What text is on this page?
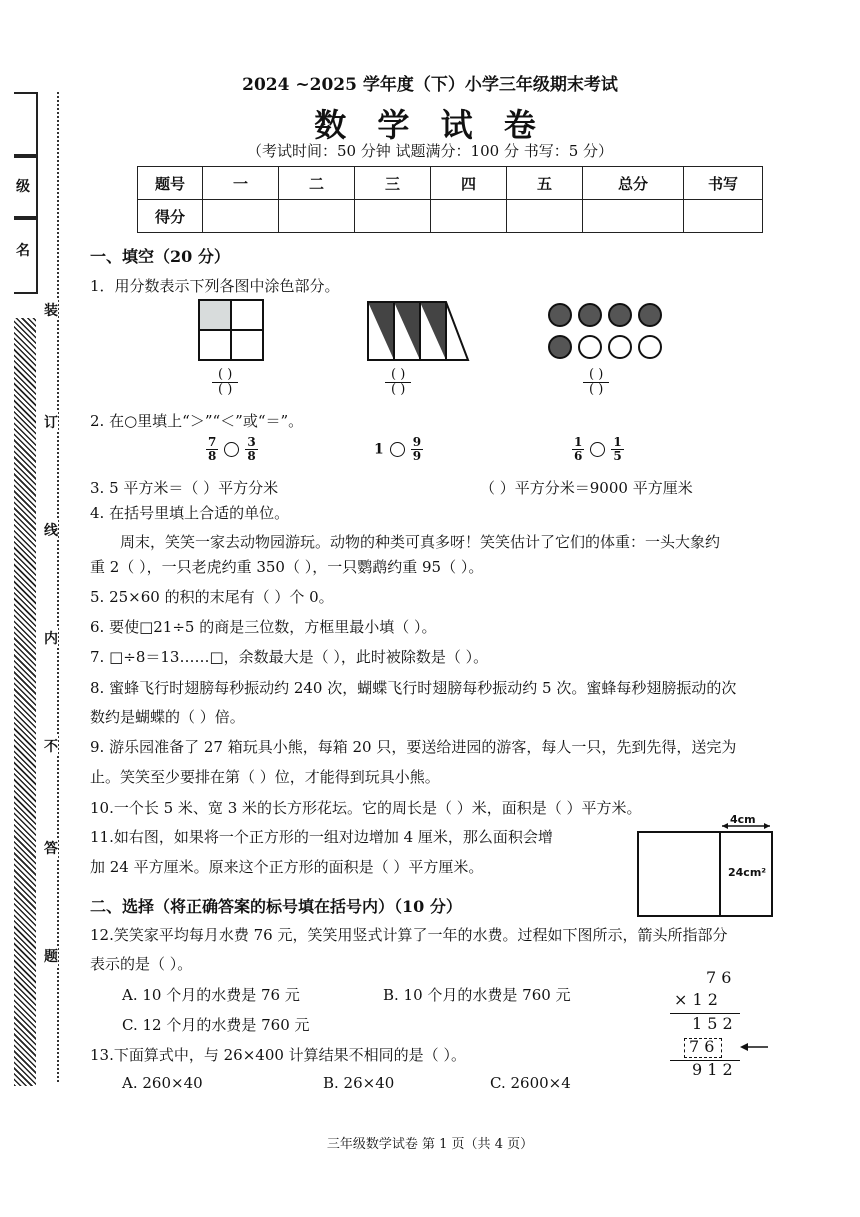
级
名
装
订
线
内
不
答
题
2024 ~2025 学年度（下）小学三年级期末考试
数 学 试 卷
（考试时间：50 分钟 试题满分：100 分 书写：5 分）
题号	一	二	三	四	五	总分	书写
得分							
一、填空（20 分）
1．用分数表示下列各图中涂色部分。
( )
( )
( )
( )
( )
( )
2. 在○里填上“＞”“＜”或“＝”。
$\frac{7}{8} \frac{3}{8}$	$1 \frac{9}{9}$	$\frac{1}{6} \frac{1}{5}$
3. 5 平方米＝（ ）平方分米	（ ）平方分米＝9000 平方厘米
4. 在括号里填上合适的单位。
周末，笑笑一家去动物园游玩。动物的种类可真多呀！笑笑估计了它们的体重：一头大象约
重 2（ ），一只老虎约重 350（ ），一只鹦鹉约重 95（ ）。
5. 25×60 的积的末尾有（ ）个 0。
6. 要使□21÷5 的商是三位数，方框里最小填（ ）。
7. □÷8＝13……□，余数最大是（ ），此时被除数是（ ）。
8. 蜜蜂飞行时翅膀每秒振动约 240 次，蝴蝶飞行时翅膀每秒振动约 5 次。蜜蜂每秒翅膀振动的次
数约是蝴蝶的（ ）倍。
9. 游乐园准备了 27 箱玩具小熊，每箱 20 只，要送给进园的游客，每人一只，先到先得，送完为
止。笑笑至少要排在第（ ）位，才能得到玩具小熊。
10.一个长 5 米、宽 3 米的长方形花坛。它的周长是（ ）米，面积是（ ）平方米。
11.如右图，如果将一个正方形的一组对边增加 4 厘米，那么面积会增
加 24 平方厘米。原来这个正方形的面积是（ ）平方厘米。
4cm
24cm²
二、选择（将正确答案的标号填在括号内）（10 分）
12.笑笑家平均每月水费 76 元，笑笑用竖式计算了一年的水费。过程如下图所示，箭头所指部分
表示的是（ ）。
A. 10 个月的水费是 76 元	B. 10 个月的水费是 760 元
C. 12 个月的水费是 760 元
13.下面算式中，与 26×400 计算结果不相同的是（ ）。
A. 260×40	B. 26×40	C. 2600×4
7 6
× 1 2
1 5 2
7 6
9 1 2
三年级数学试卷 第 1 页（共 4 页）
